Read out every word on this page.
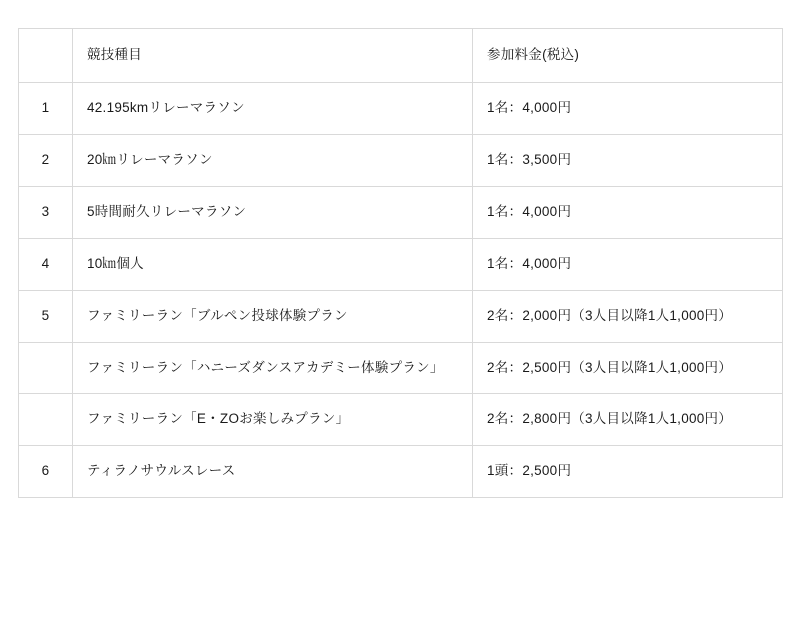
	競技種目	参加料金(税込)
1	42.195kmリレーマラソン	1名：4,000円

2	20㎞リレーマラソン	1名：3,500円

3	5時間耐久リレーマラソン	1名：4,000円

4	10㎞個人	1名：4,000円

5	ファミリーラン「ブルペン投球体験プラン	2名：2,000円（3人目以降1人1,000円）

	ファミリーラン「ハニーズダンスアカデミー体験プラン」	2名：2,500円（3人目以降1人1,000円）

	ファミリーラン「E・ZOお楽しみプラン」	2名：2,800円（3人目以降1人1,000円）

6	ティラノサウルスレース	1頭：2,500円
